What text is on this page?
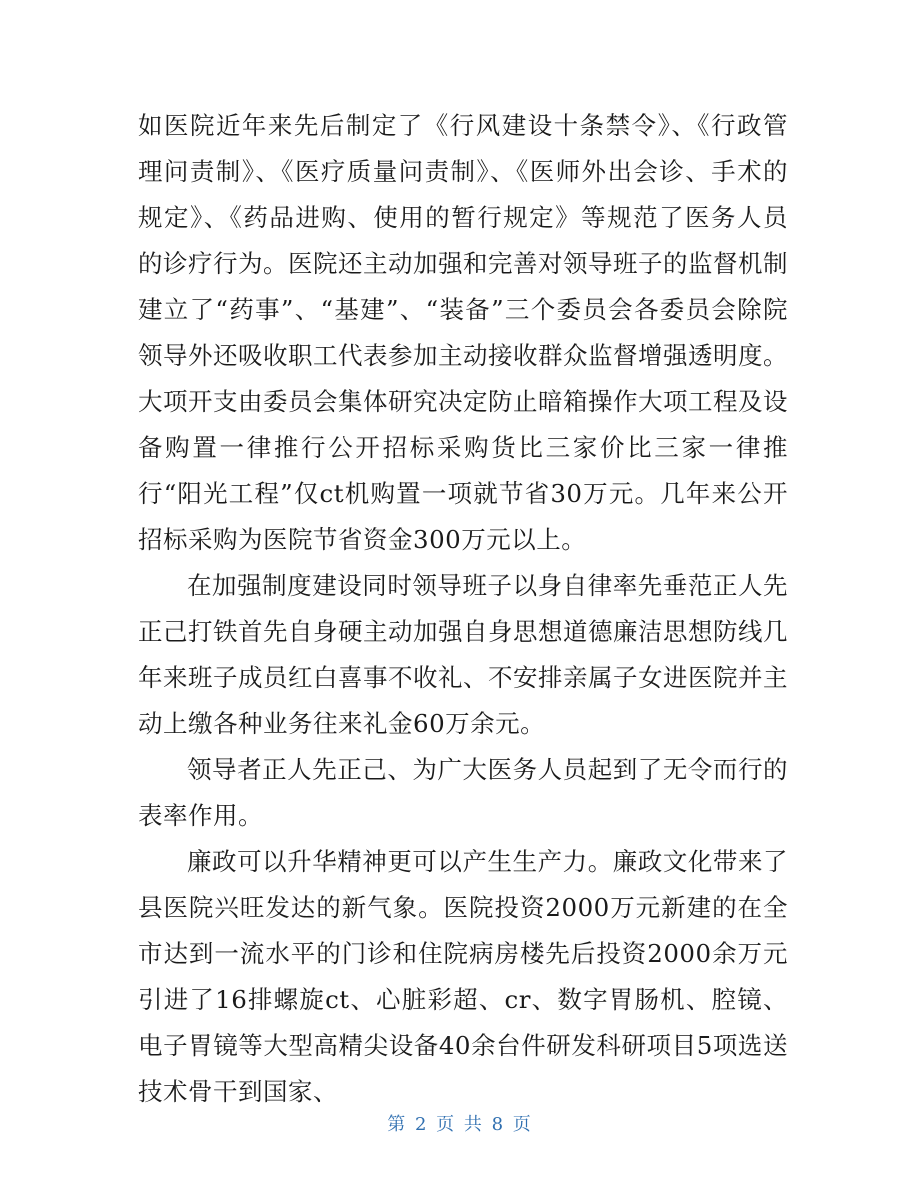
如医院近年来先后制定了《行风建设十条禁令》、《行政管理问责制》、《医疗质量问责制》、《医师外出会诊、手术的规定》、《药品进购、使用的暂行规定》等规范了医务人员的诊疗行为。医院还主动加强和完善对领导班子的监督机制建立了“药事”、“基建”、“装备”三个委员会各委员会除院领导外还吸收职工代表参加主动接收群众监督增强透明度。大项开支由委员会集体研究决定防止暗箱操作大项工程及设备购置一律推行公开招标采购货比三家价比三家一律推行“阳光工程”仅ct机购置一项就节省30万元。几年来公开招标采购为医院节省资金300万元以上。

在加强制度建设同时领导班子以身自律率先垂范正人先正己打铁首先自身硬主动加强自身思想道德廉洁思想防线几年来班子成员红白喜事不收礼、不安排亲属子女进医院并主动上缴各种业务往来礼金60万余元。

领导者正人先正己、为广大医务人员起到了无令而行的表率作用。

廉政可以升华精神更可以产生生产力。廉政文化带来了县医院兴旺发达的新气象。医院投资2000万元新建的在全市达到一流水平的门诊和住院病房楼先后投资2000余万元引进了16排螺旋ct、心脏彩超、cr、数字胃肠机、腔镜、电子胃镜等大型高精尖设备40余台件研发科研项目5项选送技术骨干到国家、

第 2 页 共 8 页
